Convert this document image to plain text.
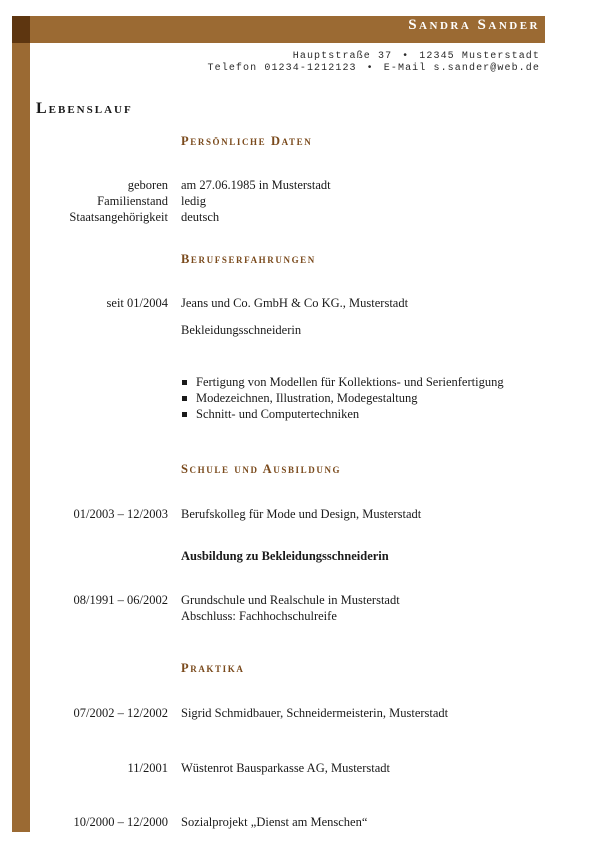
Sandra Sander
Hauptstraße 37 • 12345 Musterstadt
Telefon 01234-1212123 • E-Mail s.sander@web.de
Lebenslauf
Persönliche Daten
geboren
Familienstand
Staatsangehörigkeit
am 27.06.1985 in Musterstadt
ledig
deutsch
Berufserfahrungen
seit 01/2004 Jeans und Co. GmbH & Co KG., Musterstadt
Bekleidungsschneiderin
Fertigung von Modellen für Kollektions- und Serienfertigung
Modezeichnen, Illustration, Modegestaltung
Schnitt- und Computertechniken
Schule und Ausbildung
01/2003 – 12/2003 Berufskolleg für Mode und Design, Musterstadt
Ausbildung zu Bekleidungsschneiderin
08/1991 – 06/2002 Grundschule und Realschule in Musterstadt
Abschluss: Fachhochschulreife
Praktika
07/2002 – 12/2002 Sigrid Schmidbauer, Schneidermeisterin, Musterstadt
11/2001 Wüstenrot Bausparkasse AG, Musterstadt
10/2000 – 12/2000 Sozialprojekt „Dienst am Menschen“
